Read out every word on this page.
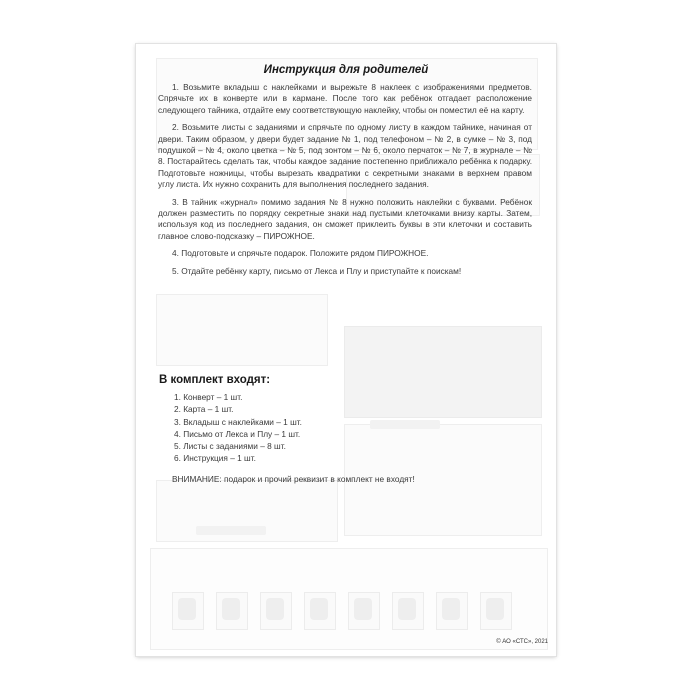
Инструкция для родителей

1. Возьмите вкладыш с наклейками и вырежьте 8 наклеек с изображениями предметов. Спрячьте их в конверте или в кармане. После того как ребёнок отгадает расположение следующего тайника, отдайте ему соответствующую наклейку, чтобы он поместил её на карту.

2. Возьмите листы с заданиями и спрячьте по одному листу в каждом тайнике, начиная от двери. Таким образом, у двери будет задание № 1, под телефоном – № 2, в сумке – № 3, под подушкой – № 4, около цветка – № 5, под зонтом – № 6, около перчаток – № 7, в журнале – № 8. Постарайтесь сделать так, чтобы каждое задание постепенно приближало ребёнка к подарку. Подготовьте ножницы, чтобы вырезать квадратики с секретными знаками в верхнем правом углу листа. Их нужно сохранить для выполнения последнего задания.

3. В тайник «журнал» помимо задания № 8 нужно положить наклейки с буквами. Ребёнок должен разместить по порядку секретные знаки над пустыми клеточками внизу карты. Затем, используя код из последнего задания, он сможет приклеить буквы в эти клеточки и составить главное слово-подсказку – ПИРОЖНОЕ.

4. Подготовьте и спрячьте подарок. Положите рядом ПИРОЖНОЕ.

5. Отдайте ребёнку карту, письмо от Лекса и Плу и приступайте к поискам!

В комплект входят:
1. Конверт – 1 шт.
2. Карта – 1 шт.
3. Вкладыш с наклейками – 1 шт.
4. Письмо от Лекса и Плу – 1 шт.
5. Листы с заданиями – 8 шт.
6. Инструкция – 1 шт.
ВНИМАНИЕ: подарок и прочий реквизит в комплект не входят!
© АО «СТС», 2021
